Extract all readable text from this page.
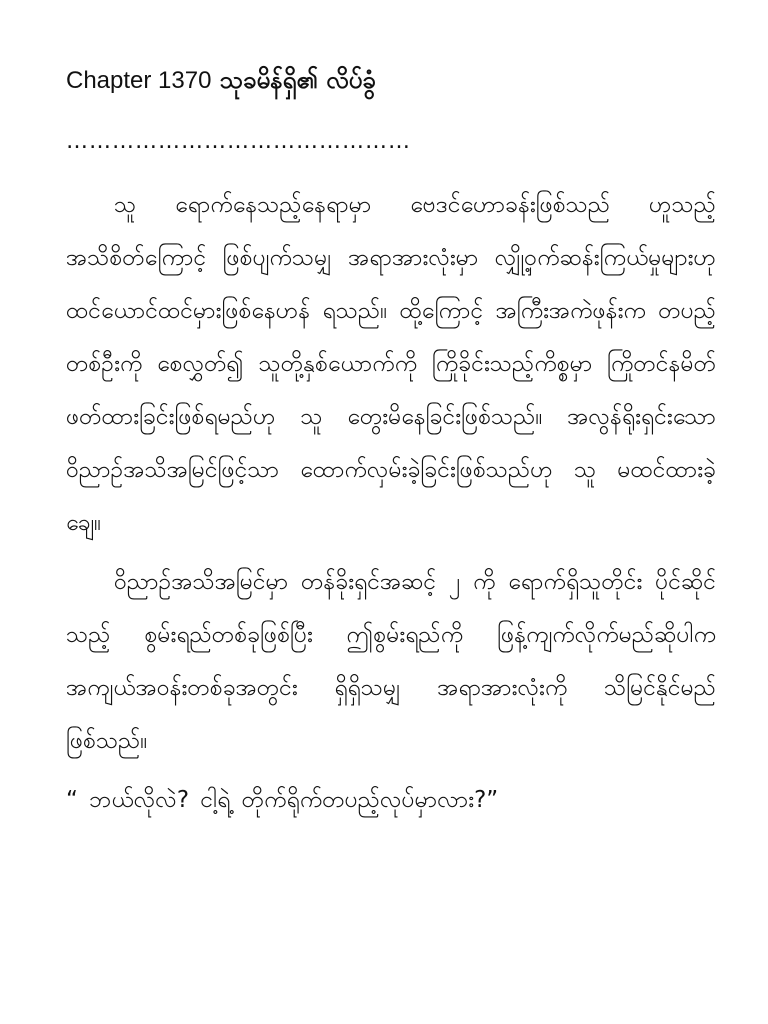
Chapter 1370 သုခမိန်ရှိ၏ လိပ်ခွံ
………………………………………

သူ ရောက်နေသည့်နေရာမှာ ဗေဒင်ဟောခန်းဖြစ်သည် ဟူသည့် အသိစိတ်ကြောင့် ဖြစ်ပျက်သမျှ အရာအားလုံးမှာ လျှို့ဝှက်ဆန်းကြယ်မှုများဟု ထင်ယောင်ထင်မှားဖြစ်နေဟန် ရသည်။ ထို့ကြောင့် အကြီးအကဲဖုန်းက တပည့်တစ်ဦးကို စေလွှတ်၍ သူတို့နှစ်ယောက်ကို ကြိုခိုင်းသည့်ကိစ္စမှာ ကြိုတင်နမိတ်ဖတ်ထားခြင်းဖြစ်ရမည်ဟု သူ တွေးမိနေခြင်းဖြစ်သည်။ အလွန်ရိုးရှင်းသော ဝိညာဉ်အသိအမြင်ဖြင့်သာ ထောက်လှမ်းခဲ့ခြင်းဖြစ်သည်ဟု သူ မထင်ထားခဲ့ချေ။

ဝိညာဉ်အသိအမြင်မှာ တန်ခိုးရှင်အဆင့် ၂ ကို ရောက်ရှိသူတိုင်း ပိုင်ဆိုင်သည့် စွမ်းရည်တစ်ခုဖြစ်ပြီး ဤစွမ်းရည်ကို ဖြန့်ကျက်လိုက်မည်ဆိုပါက အကျယ်အဝန်းတစ်ခုအတွင်း ရှိရှိသမျှ အရာအားလုံးကို သိမြင်နိုင်မည်ဖြစ်သည်။

“ ဘယ်လိုလဲ? ငါ့ရဲ့ တိုက်ရိုက်တပည့်လုပ်မှာလား?”
